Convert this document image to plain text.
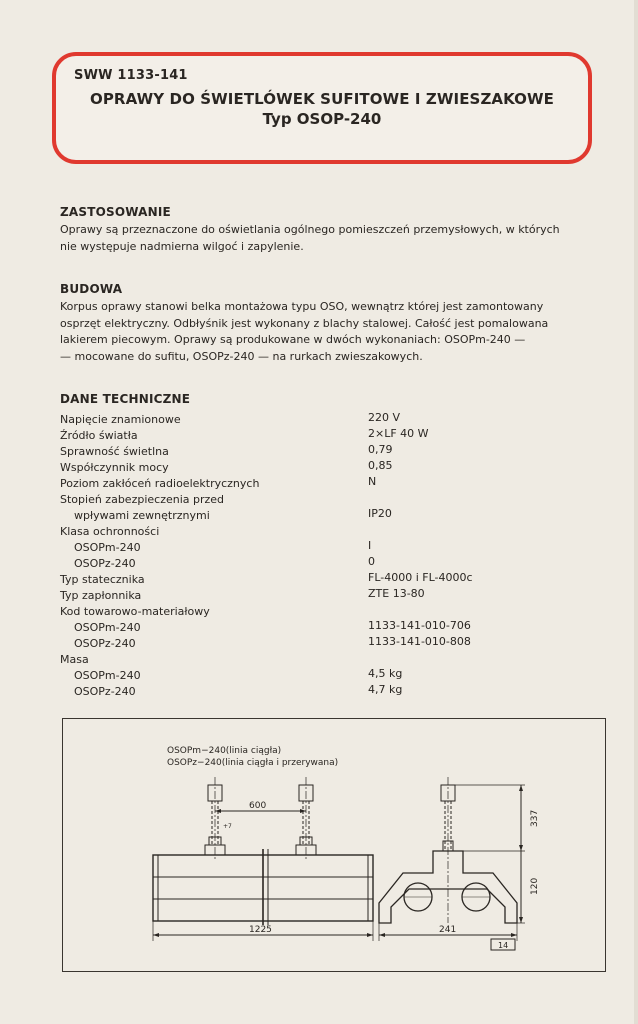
SWW 1133-141
OPRAWY DO ŚWIETLÓWEK SUFITOWE I ZWIESZAKOWE
Typ OSOP-240
ZASTOSOWANIE
Oprawy są przeznaczone do oświetlania ogólnego pomieszczeń przemysłowych, w których
nie występuje nadmierna wilgoć i zapylenie.
BUDOWA
Korpus oprawy stanowi belka montażowa typu OSO, wewnątrz której jest zamontowany
osprzęt elektryczny. Odbłyśnik jest wykonany z blachy stalowej. Całość jest pomalowana
lakierem piecowym. Oprawy są produkowane w dwóch wykonaniach: OSOPm-240 —
— mocowane do sufitu, OSOPz-240 — na rurkach zwieszakowych.
DANE TECHNICZNE
Napięcie znamionowe	220 V
Źródło światła	2×LF 40 W
Sprawność świetlna	0,79
Współczynnik mocy	0,85
Poziom zakłóceń radioelektrycznych	N
Stopień zabezpieczenia przed
wpływami zewnętrznymi	IP20
Klasa ochronności
OSOPm-240	I
OSOPz-240	0
Typ statecznika	FL-4000 i FL-4000c
Typ zapłonnika	ZTE 13-80
Kod towarowo-materiałowy
OSOPm-240	1133-141-010-706
OSOPz-240	1133-141-010-808
Masa
OSOPm-240	4,5 kg
OSOPz-240	4,7 kg
OSOPm−240(linia ciągła)
OSOPz−240(linia ciągła i przerywana)
600
+7
1225
337
120
241
14
